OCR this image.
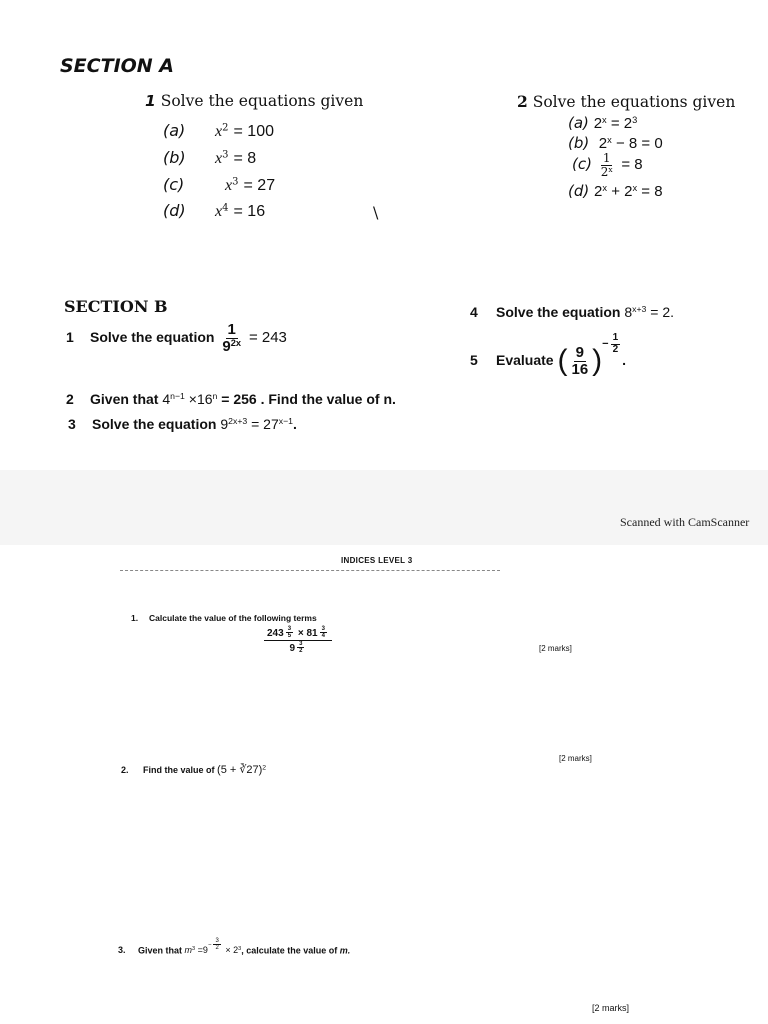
SECTION A
1 Solve the equations given
(a) $x^2 = 100$
(b) $x^3 = 8$
(c)	$x^3 = 27$
(d) $x^4 = 16$	\
2 Solve the equations given
(a) $2^x = 2^3$
(b) $2^x - 8 = 0$
$(c) \frac{1}{2^x} = 8$
(d) $2^x + 2^x = 8$
SECTION B
1 Solve the equation $\frac{1}{9^{2x}} = 243$
2 Given that $4^{n-1} \times 16^n = 256$ . Find the value of n.
3 Solve the equation $9^{2x+3} = 27^{x-1}$.
4 Solve the equation $8^{x+3} = 2$.
5 Evaluate ( $\frac{9}{16}$ )− $\frac{1}{2}$
.
Scanned with CamScanner
INDICES LEVEL 3
1. Calculate the value of the following terms
$\frac{243 \frac{3}{5} \times 81 \frac{3}{4}}{9 \frac{3}{2}}$	[2 marks]
2. Find the value of (5 + ∛27)$^2$
[2 marks]
3. Given that $m^3 =9- \frac{3}{2} \times 2^3$, calculate the value of m.
[2 marks]
